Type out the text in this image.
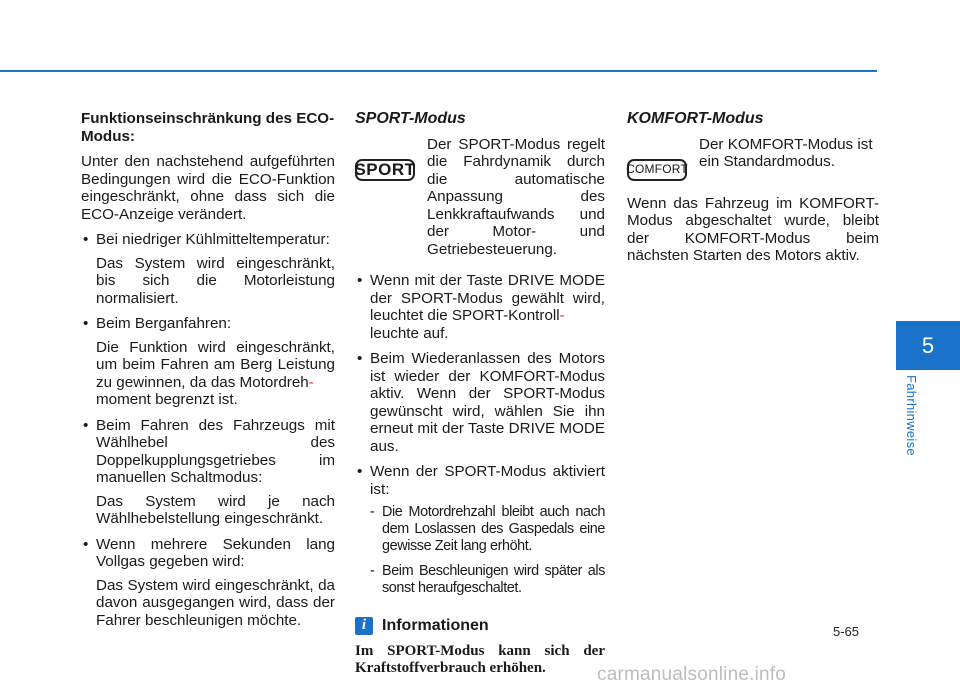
Funktionseinschränkung des ECO-Modus:

Unter den nachstehend aufgeführten Bedingungen wird die ECO-Funktion eingeschränkt, ohne dass sich die ECO-Anzeige verändert.

• Bei niedriger Kühlmitteltemperatur:

Das System wird eingeschränkt, bis sich die Motorleistung normalisiert.

• Beim Berganfahren:

Die Funktion wird eingeschränkt, um beim Fahren am Berg Leistung zu gewinnen, da das Motordreh-
moment begrenzt ist.

• Beim Fahren des Fahrzeugs mit Wählhebel des Doppelkupplungsgetriebes im manuellen Schaltmodus:

Das System wird je nach Wählhebelstellung eingeschränkt.

• Wenn mehrere Sekunden lang Vollgas gegeben wird:

Das System wird eingeschränkt, da davon ausgegangen wird, dass der Fahrer beschleunigen möchte.

SPORT-Modus
SPORT

Der SPORT-Modus regelt die Fahrdynamik durch die automatische Anpassung des Lenkkraftaufwands und der Motor- und Getriebesteuerung.

• Wenn mit der Taste DRIVE MODE der SPORT-Modus gewählt wird, leuchtet die SPORT-Kontroll-
leuchte auf.

• Beim Wiederanlassen des Motors ist wieder der KOMFORT-Modus aktiv. Wenn der SPORT-Modus gewünscht wird, wählen Sie ihn erneut mit der Taste DRIVE MODE aus.

• Wenn der SPORT-Modus aktiviert ist:

- Die Motordrehzahl bleibt auch nach dem Loslassen des Gaspedals eine gewisse Zeit lang erhöht.
- Beim Beschleunigen wird später als sonst heraufgeschaltet.
i Informationen

Im SPORT-Modus kann sich der Kraftstoffverbrauch erhöhen.

KOMFORT-Modus
COMFORT

Der KOMFORT-Modus ist ein Standardmodus.

Wenn das Fahrzeug im KOMFORT-Modus abgeschaltet wurde, bleibt der KOMFORT-Modus beim nächsten Starten des Motors aktiv.

5
Fahrhinweise
5-65
carmanualsonline.info
